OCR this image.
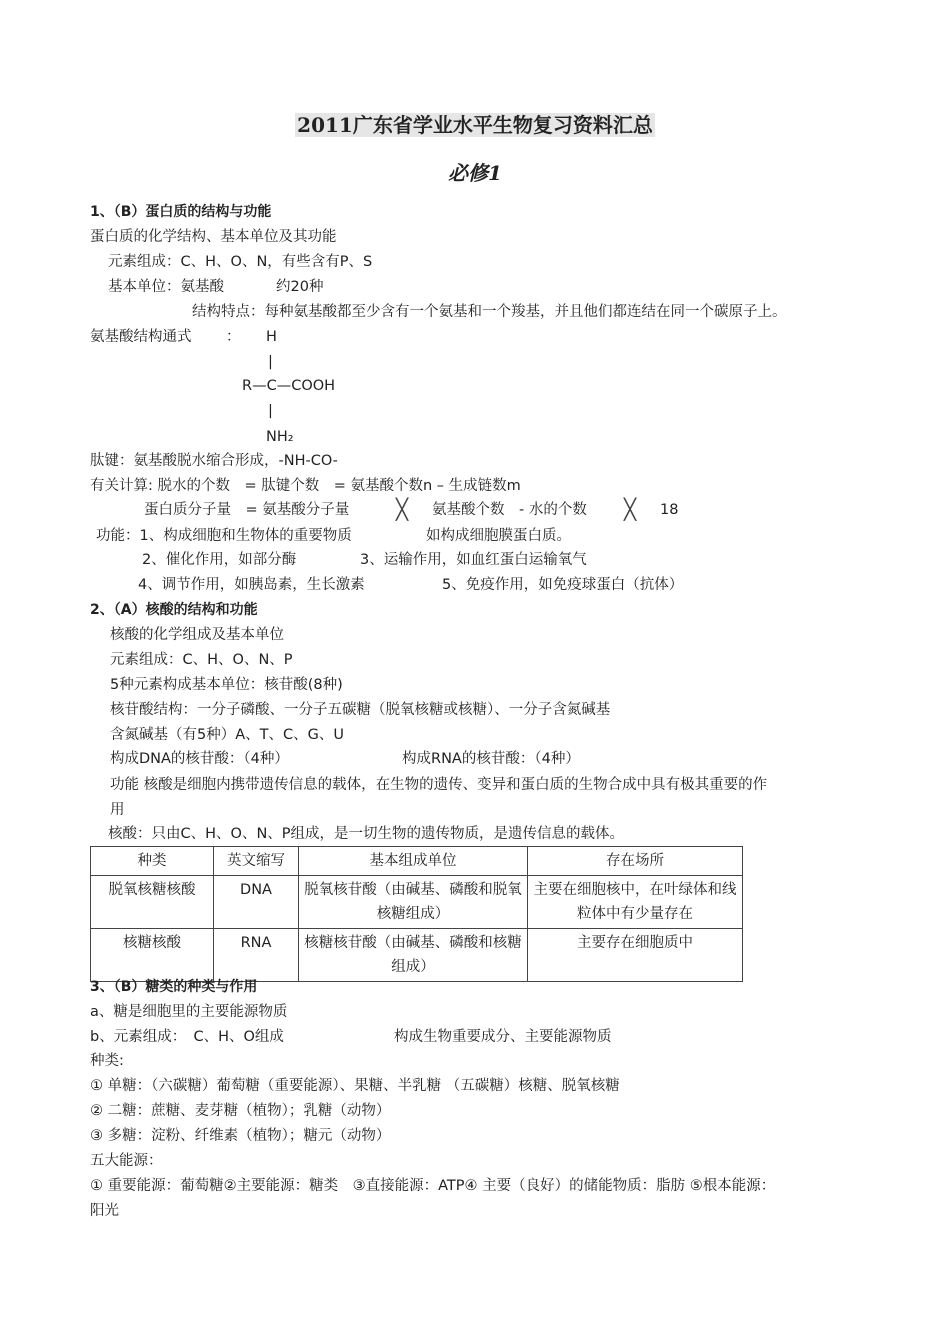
2011广东省学业水平生物复习资料汇总
必修1
1、（B）蛋白质的结构与功能
蛋白质的化学结构、基本单位及其功能
元素组成：C、H、O、N，有些含有P、S
基本单位：氨基酸	约20种
结构特点：每种氨基酸都至少含有一个氨基和一个羧基，并且他们都连结在同一个碳原子上。
氨基酸结构通式 ： H
|
R—C—COOH
|
NH₂
肽键：氨基酸脱水缩合形成，-NH-CO-
有关计算: 脱水的个数　= 肽键个数　= 氨基酸个数n – 生成链数m
蛋白质分子量　= 氨基酸分子量 ╳ 氨基酸个数　- 水的个数 ╳ 18
功能：1、构成细胞和生物体的重要物质	如构成细胞膜蛋白质。
2、催化作用，如部分酶	3、运输作用，如血红蛋白运输氧气
4、调节作用，如胰岛素，生长激素	5、免疫作用，如免疫球蛋白（抗体）
2、（A）核酸的结构和功能
核酸的化学组成及基本单位
元素组成：C、H、O、N、P
5种元素构成基本单位：核苷酸(8种)
核苷酸结构：一分子磷酸、一分子五碳糖（脱氧核糖或核糖）、一分子含氮碱基
含氮碱基（有5种）A、T、C、G、U
构成DNA的核苷酸：（4种）	构成RNA的核苷酸：（4种）
功能 核酸是细胞内携带遗传信息的载体，在生物的遗传、变异和蛋白质的生物合成中具有极其重要的作
用
核酸：只由C、H、O、N、P组成，是一切生物的遗传物质，是遗传信息的载体。
种类	英文缩写	基本组成单位	存在场所
脱氧核糖核酸	DNA	脱氧核苷酸（由碱基、磷酸和脱氧核糖组成）	主要在细胞核中，在叶绿体和线粒体中有少量存在
核糖核酸	RNA	核糖核苷酸（由碱基、磷酸和核糖组成）	主要存在细胞质中
3、（B）糖类的种类与作用
a、糖是细胞里的主要能源物质
b、元素组成：　C、H、O组成	构成生物重要成分、主要能源物质
种类:
① 单糖：（六碳糖）葡萄糖（重要能源）、果糖、半乳糖 （五碳糖）核糖、脱氧核糖
② 二糖：蔗糖、麦芽糖（植物）；乳糖（动物）
③ 多糖：淀粉、纤维素（植物）；糖元（动物）
五大能源：
① 重要能源：葡萄糖②主要能源：糖类　③直接能源：ATP④ 主要（良好）的储能物质：脂肪 ⑤根本能源：
阳光
